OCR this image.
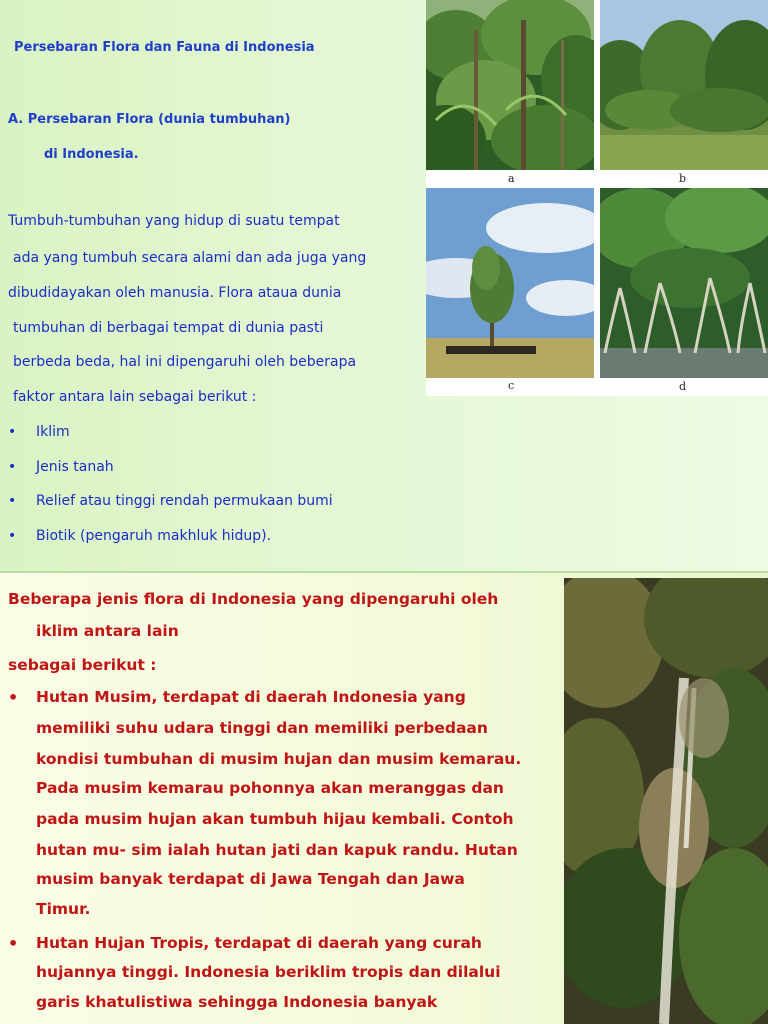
Persebaran Flora dan Fauna di Indonesia
A. Persebaran Flora (dunia tumbuhan)
di Indonesia.
Tumbuh-tumbuhan yang hidup di suatu tempat
ada yang tumbuh secara alami dan ada juga yang
dibudidayakan oleh manusia. Flora ataua dunia
tumbuhan di berbagai tempat di dunia pasti
berbeda beda, hal ini dipengaruhi oleh beberapa
faktor antara lain sebagai berikut :
• Iklim
• Jenis tanah
• Relief atau tinggi rendah permukaan bumi
• Biotik (pengaruh makhluk hidup).
a	b
c	d
Beberapa jenis flora di Indonesia yang dipengaruhi oleh
iklim antara lain
sebagai berikut :
• Hutan Musim, terdapat di daerah Indonesia yang
memiliki suhu udara tinggi dan memiliki perbedaan
kondisi tumbuhan di musim hujan dan musim kemarau.
Pada musim kemarau pohonnya akan meranggas dan
pada musim hujan akan tumbuh hijau kembali. Contoh
hutan mu- sim ialah hutan jati dan kapuk randu. Hutan
musim banyak terdapat di Jawa Tengah dan Jawa
Timur.
• Hutan Hujan Tropis, terdapat di daerah yang curah
hujannya tinggi. Indonesia beriklim tropis dan dilalui
garis khatulistiwa sehingga Indonesia banyak
